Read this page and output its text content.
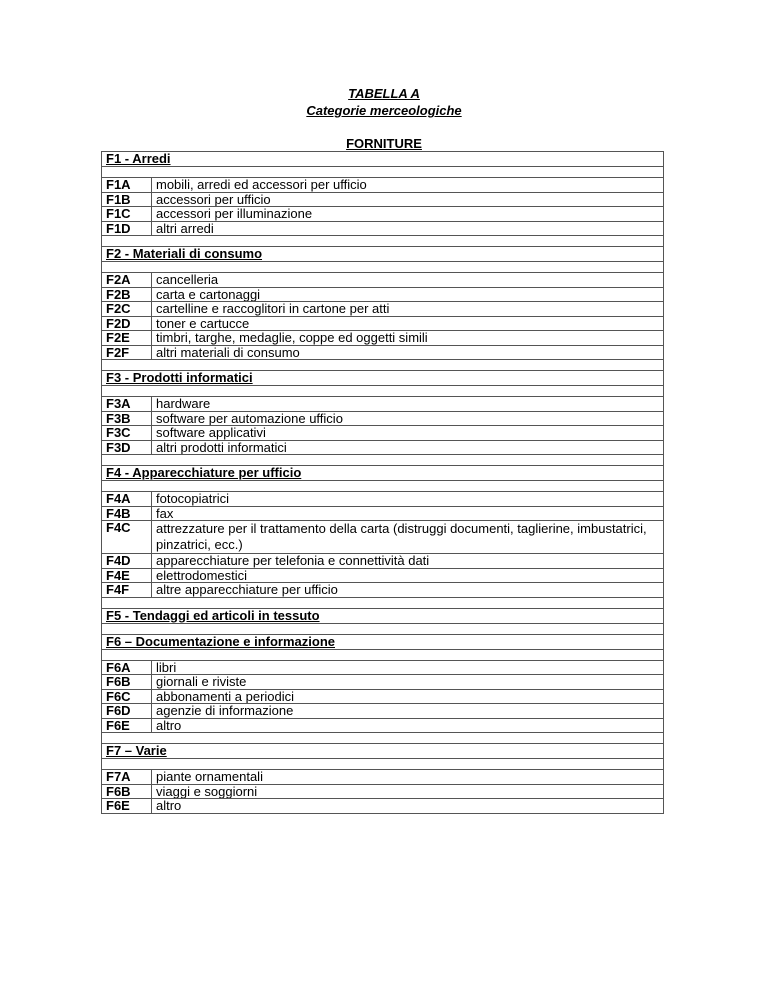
TABELLA A
Categorie merceologiche
FORNITURE
F1 - Arredi	

F1A	mobili, arredi ed accessori per ufficio
F1B	accessori per ufficio
F1C	accessori per illuminazione
F1D	altri arredi

F2 - Materiali di consumo	

F2A	cancelleria
F2B	carta e cartonaggi
F2C	cartelline e raccoglitori in cartone per atti
F2D	toner e cartucce
F2E	timbri, targhe, medaglie, coppe ed oggetti simili
F2F	altri materiali di consumo

F3 - Prodotti informatici	

F3A	hardware
F3B	software per automazione ufficio
F3C	software applicativi
F3D	altri prodotti informatici

F4 - Apparecchiature per ufficio	

F4A	fotocopiatrici
F4B	fax
F4C	attrezzature per il trattamento della carta (distruggi documenti, taglierine, imbustatrici, pinzatrici, ecc.)
F4D	apparecchiature per telefonia e connettività dati
F4E	elettrodomestici
F4F	altre apparecchiature per ufficio

F5 - Tendaggi ed articoli in tessuto	

F6 – Documentazione e informazione	

F6A	libri
F6B	giornali e riviste
F6C	abbonamenti a periodici
F6D	agenzie di informazione
F6E	altro

F7 – Varie	

F7A	piante ornamentali
F6B	viaggi e soggiorni
F6E	altro
